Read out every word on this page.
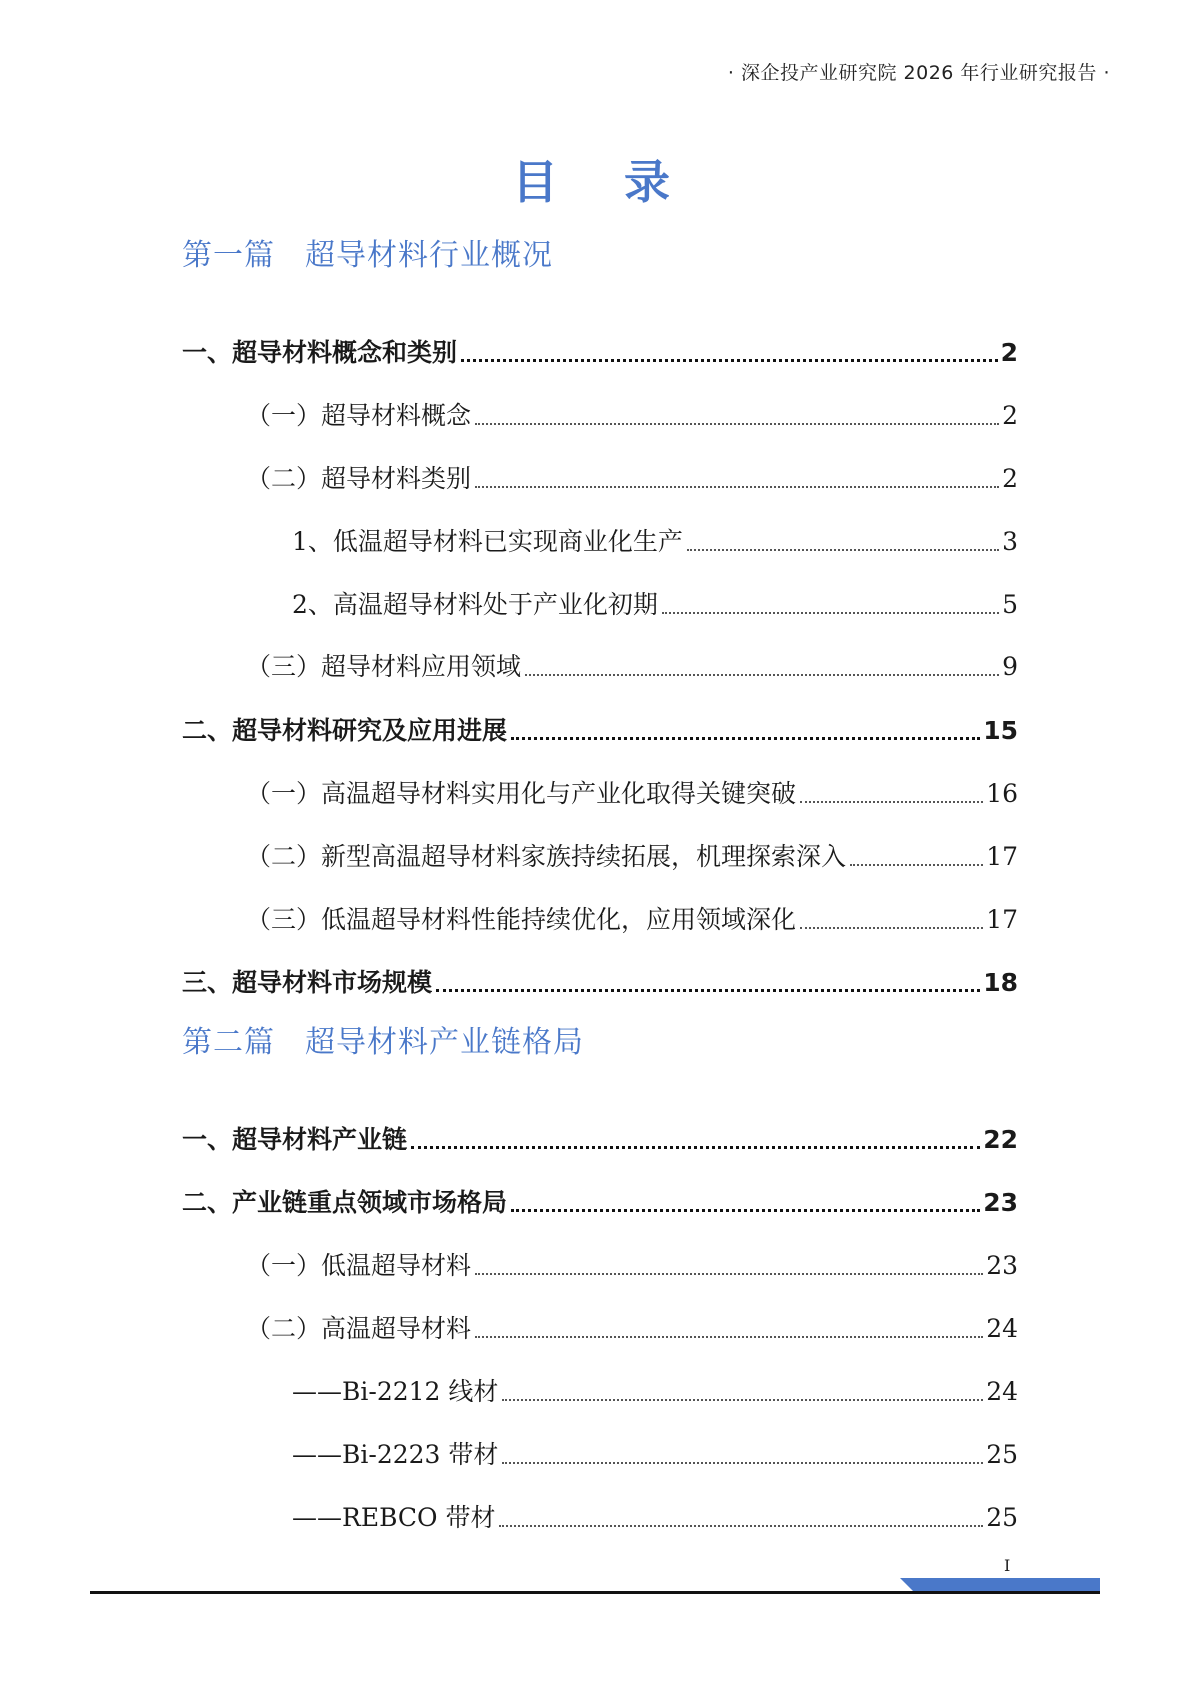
· 深企投产业研究院 2026 年行业研究报告 ·
目 录
第一篇 超导材料行业概况
一、超导材料概念和类别	2
（一）超导材料概念	2
（二）超导材料类别	2
1、低温超导材料已实现商业化生产	3
2、高温超导材料处于产业化初期	5
（三）超导材料应用领域	9
二、超导材料研究及应用进展	15
（一）高温超导材料实用化与产业化取得关键突破	16
（二）新型高温超导材料家族持续拓展，机理探索深入	17
（三）低温超导材料性能持续优化，应用领域深化	17
三、超导材料市场规模	18
第二篇 超导材料产业链格局
一、超导材料产业链	22
二、产业链重点领域市场格局	23
（一）低温超导材料	23
（二）高温超导材料	24
——Bi-2212 线材	24
——Bi-2223 带材	25
——REBCO 带材	25
I
